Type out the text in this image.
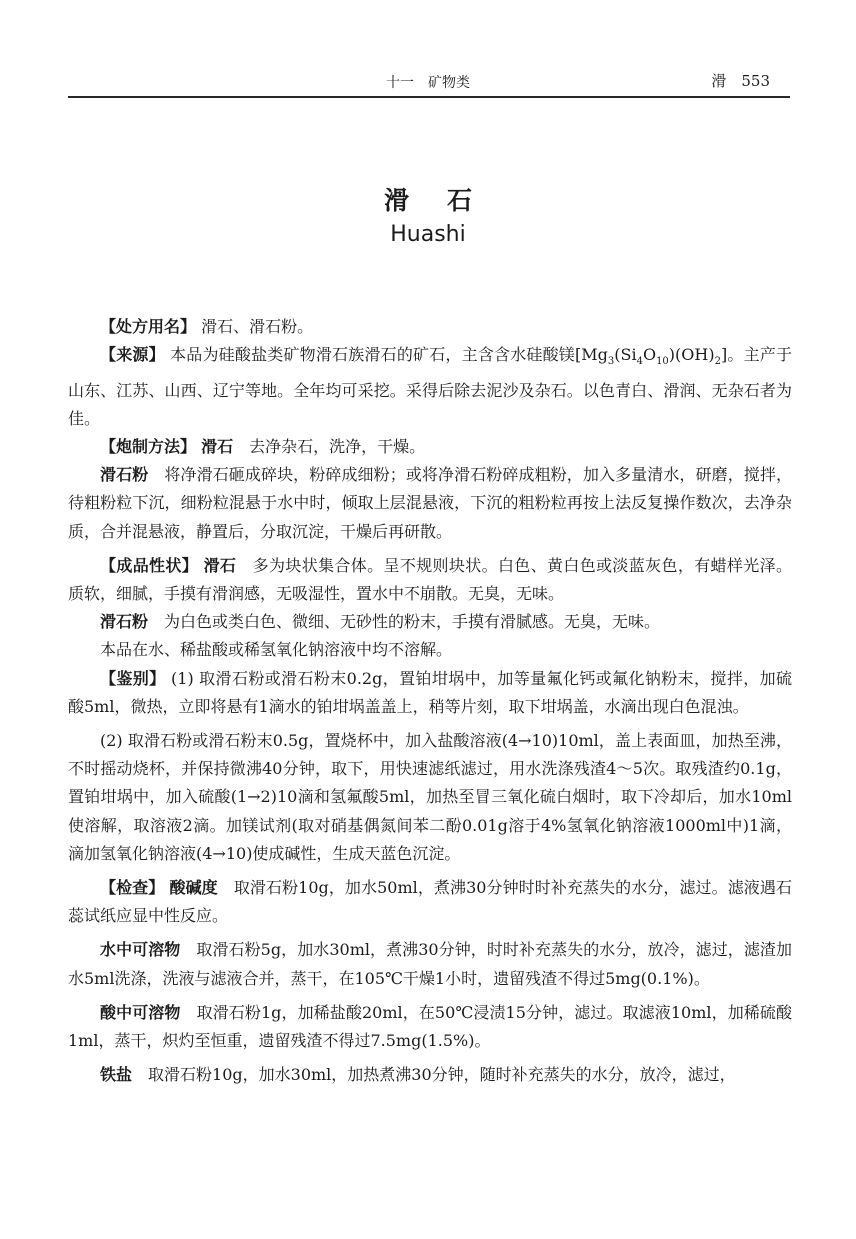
十一　矿物类	滑　553
滑石
Huashi

【处方用名】 滑石、滑石粉。

【来源】 本品为硅酸盐类矿物滑石族滑石的矿石，主含含水硅酸镁$[Mg_3(Si_4O_{10})(OH)_2]$。主产于山东、江苏、山西、辽宁等地。全年均可采挖。采得后除去泥沙及杂石。以色青白、滑润、无杂石者为佳。

【炮制方法】 滑石　 去净杂石，洗净，干燥。

滑石粉　 将净滑石砸成碎块，粉碎成细粉；或将净滑石粉碎成粗粉，加入多量清水，研磨，搅拌，待粗粉粒下沉，细粉粒混悬于水中时，倾取上层混悬液，下沉的粗粉粒再按上法反复操作数次，去净杂质，合并混悬液，静置后，分取沉淀，干燥后再研散。

【成品性状】 滑石　 多为块状集合体。呈不规则块状。白色、黄白色或淡蓝灰色，有蜡样光泽。质软，细腻，手摸有滑润感，无吸湿性，置水中不崩散。无臭，无味。

滑石粉　 为白色或类白色、微细、无砂性的粉末，手摸有滑腻感。无臭，无味。

本品在水、稀盐酸或稀氢氧化钠溶液中均不溶解。

【鉴别】 (1) 取滑石粉或滑石粉末0.2g，置铂坩埚中，加等量氟化钙或氟化钠粉末，搅拌，加硫酸5ml，微热，立即将悬有1滴水的铂坩埚盖盖上，稍等片刻，取下坩埚盖，水滴出现白色混浊。

(2) 取滑石粉或滑石粉末0.5g，置烧杯中，加入盐酸溶液(4→10)10ml，盖上表面皿，加热至沸，不时摇动烧杯，并保持微沸40分钟，取下，用快速滤纸滤过，用水洗涤残渣4～5次。取残渣约0.1g，置铂坩埚中，加入硫酸(1→2)10滴和氢氟酸5ml，加热至冒三氧化硫白烟时，取下冷却后，加水10ml使溶解，取溶液2滴。加镁试剂(取对硝基偶氮间苯二酚0.01g溶于4%氢氧化钠溶液1000ml中)1滴，滴加氢氧化钠溶液(4→10)使成碱性，生成天蓝色沉淀。

【检查】 酸碱度　 取滑石粉10g，加水50ml，煮沸30分钟时时补充蒸失的水分，滤过。滤液遇石蕊试纸应显中性反应。

水中可溶物　 取滑石粉5g，加水30ml，煮沸30分钟，时时补充蒸失的水分，放冷，滤过，滤渣加水5ml洗涤，洗液与滤液合并，蒸干，在105℃干燥1小时，遗留残渣不得过5mg(0.1%)。

酸中可溶物　 取滑石粉1g，加稀盐酸20ml，在50℃浸渍15分钟，滤过。取滤液10ml，加稀硫酸1ml，蒸干，炽灼至恒重，遗留残渣不得过7.5mg(1.5%)。

铁盐　 取滑石粉10g，加水30ml，加热煮沸30分钟，随时补充蒸失的水分，放冷，滤过，
